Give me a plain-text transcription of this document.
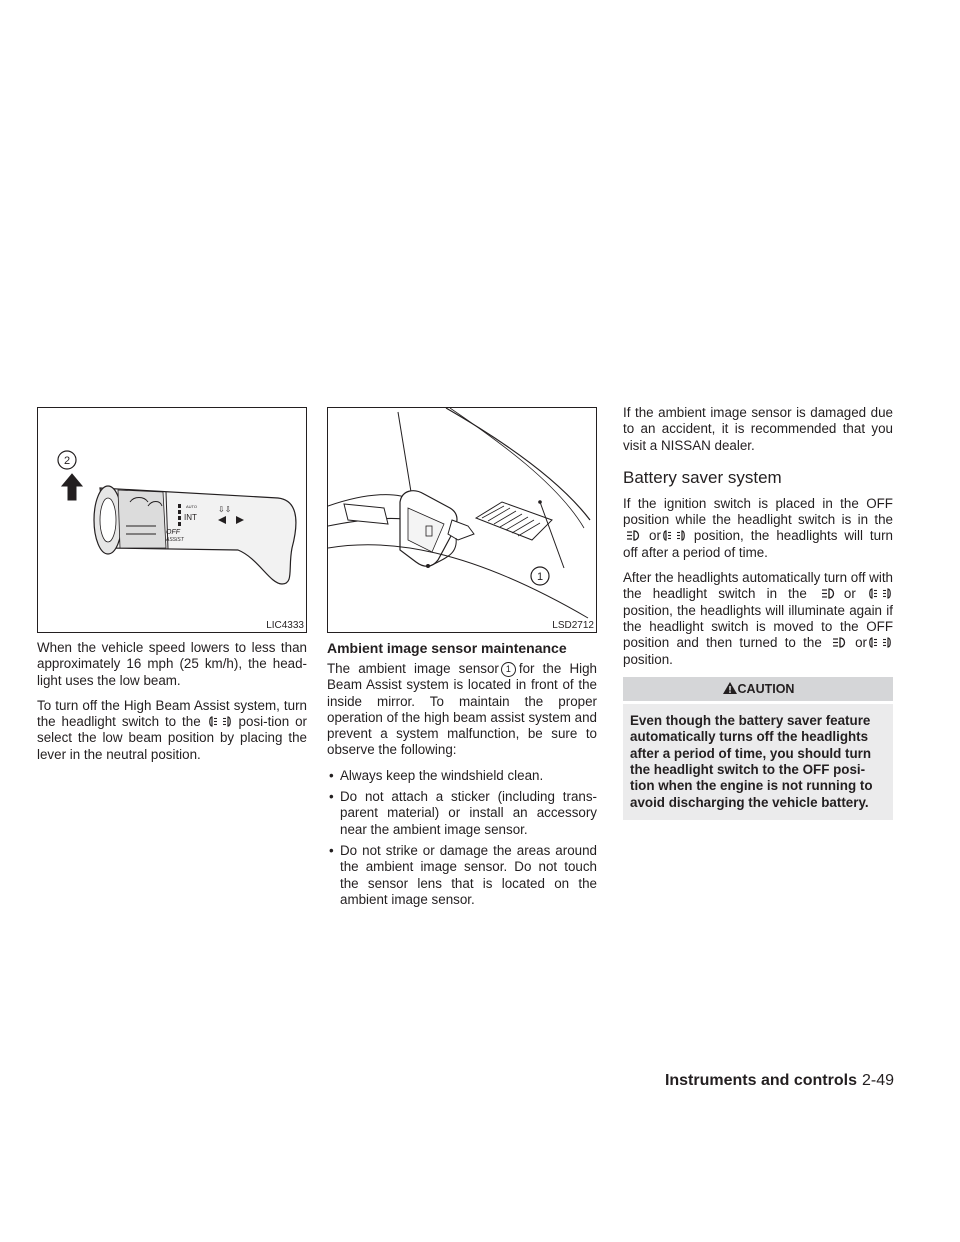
INT
AUTO
OFF
ASSIST
⇩⇩
2
LIC4333

When the vehicle speed lowers to less than approximately 16 mph (25 km/h), the head-light uses the low beam.

To turn off the High Beam Assist system, turn the headlight switch to the	posi-tion or select the low beam position by placing the lever in the neutral position.

1
LSD2712
Ambient image sensor maintenance

The ambient image sensor 1 for the High Beam Assist system is located in front of the inside mirror. To maintain the proper operation of the high beam assist system and prevent a system malfunction, be sure to observe the following:

• Always keep the windshield clean.
• Do not attach a sticker (including trans-parent material) or install an accessory near the ambient image sensor.
• Do not strike or damage the areas around the ambient image sensor. Do not touch the sensor lens that is located on the ambient image sensor.

If the ambient image sensor is damaged due to an accident, it is recommended that you visit a NISSAN dealer.

Battery saver system

If the ignition switch is placed in the OFF position while the headlight switch is in the or position, the headlights will turn off after a period of time.

After the headlights automatically turn off with the headlight switch in the	or  position, the headlights will illuminate again if the headlight switch is moved to the OFF position and then turned to the or position.

CAUTION
Even though the battery saver feature automatically turns off the headlights after a period of time, you should turn the headlight switch to the OFF posi-tion when the engine is not running to avoid discharging the vehicle battery.
Instruments and controls 2-49
